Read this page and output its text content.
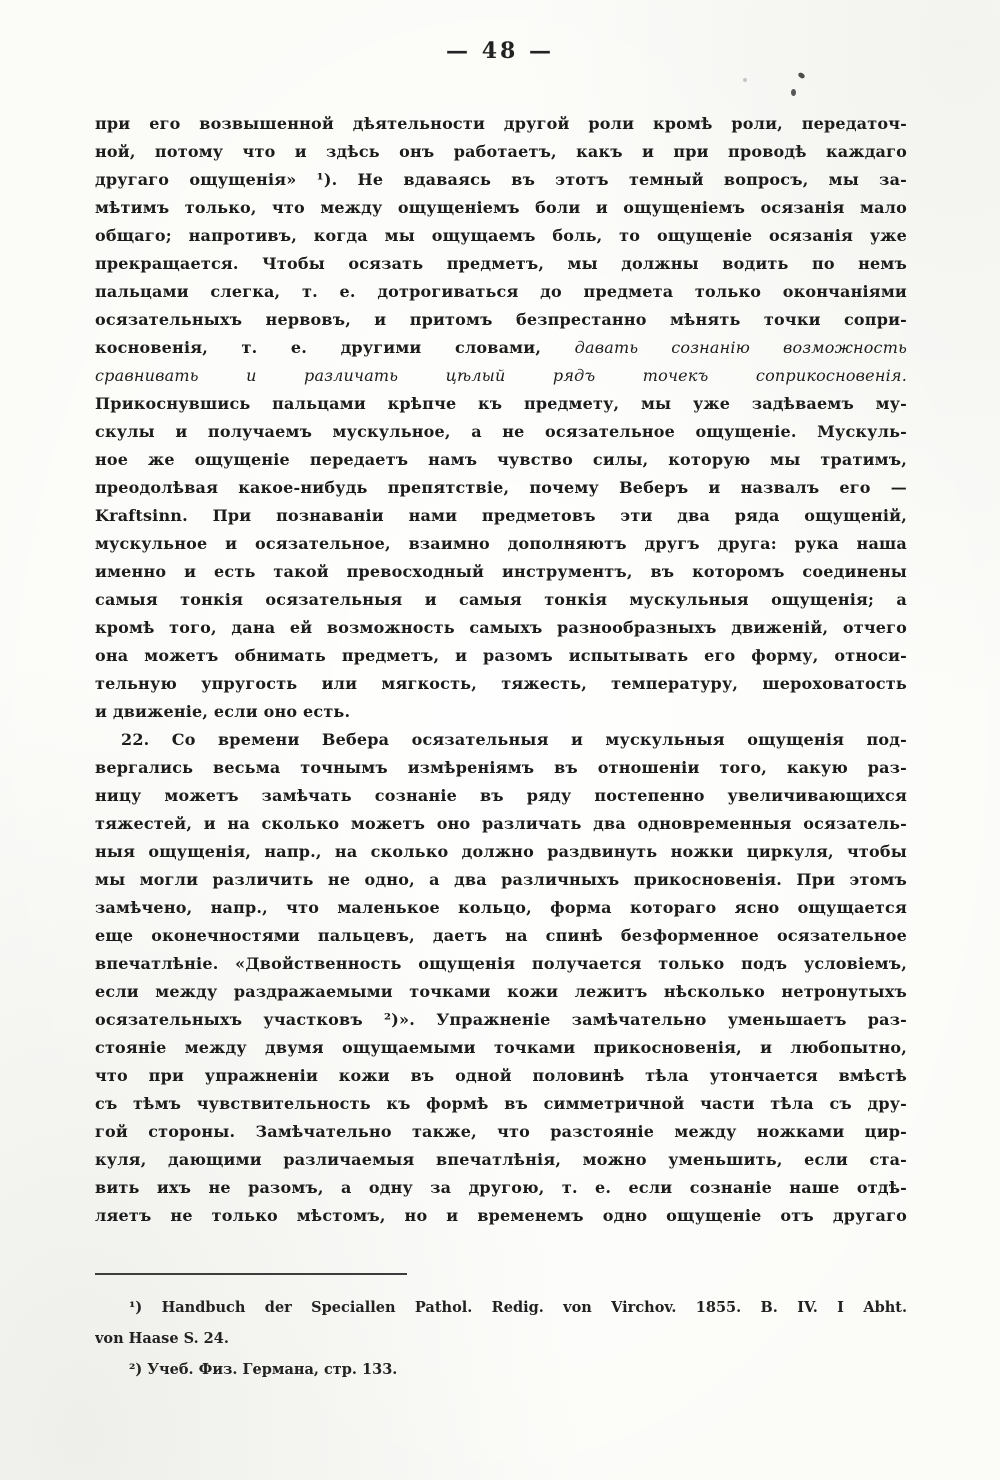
— 48 —
при его возвышенной дѣятельности другой роли кромѣ роли, передаточ-
ной, потому что и здѣсь онъ работаетъ, какъ и при проводѣ каждаго
другаго ощущенія» ¹). Не вдаваясь въ этотъ темный вопросъ, мы за-
мѣтимъ только, что между ощущеніемъ боли и ощущеніемъ осязанія мало
общаго; напротивъ, когда мы ощущаемъ боль, то ощущеніе осязанія уже
прекращается. Чтобы осязать предметъ, мы должны водить по немъ
пальцами слегка, т. е. дотрогиваться до предмета только окончаніями
осязательныхъ нервовъ, и притомъ безпрестанно мѣнять точки сопри-
косновенія, т. е. другими словами, давать сознанію возможность
сравнивать и различать цѣлый рядъ точекъ соприкосновенія.
Прикоснувшись пальцами крѣпче къ предмету, мы уже задѣваемъ му-
скулы и получаемъ мускульное, а не осязательное ощущеніе. Мускуль-
ное же ощущеніе передаетъ намъ чувство силы, которую мы тратимъ,
преодолѣвая какое-нибудь препятствіе, почему Веберъ и назвалъ его —
Kraftsinn. При познаваніи нами предметовъ эти два ряда ощущеній,
мускульное и осязательное, взаимно дополняютъ другъ друга: рука наша
именно и есть такой превосходный инструментъ, въ которомъ соединены
самыя тонкія осязательныя и самыя тонкія мускульныя ощущенія; а
кромѣ того, дана ей возможность самыхъ разнообразныхъ движеній, отчего
она можетъ обнимать предметъ, и разомъ испытывать его форму, относи-
тельную упругость или мягкость, тяжесть, температуру, шероховатость
и движеніе, если оно есть.
22. Со времени Вебера осязательныя и мускульныя ощущенія под-
вергались весьма точнымъ измѣреніямъ въ отношеніи того, какую раз-
ницу можетъ замѣчать сознаніе въ ряду постепенно увеличивающихся
тяжестей, и на сколько можетъ оно различать два одновременныя осязатель-
ныя ощущенія, напр., на сколько должно раздвинуть ножки циркуля, чтобы
мы могли различить не одно, а два различныхъ прикосновенія. При этомъ
замѣчено, напр., что маленькое кольцо, форма котораго ясно ощущается
еще оконечностями пальцевъ, даетъ на спинѣ безформенное осязательное
впечатлѣніе. «Двойственность ощущенія получается только подъ условіемъ,
если между раздражаемыми точками кожи лежитъ нѣсколько нетронутыхъ
осязательныхъ участковъ ²)». Упражненіе замѣчательно уменьшаетъ раз-
стояніе между двумя ощущаемыми точками прикосновенія, и любопытно,
что при упражненіи кожи въ одной половинѣ тѣла утончается вмѣстѣ
съ тѣмъ чувствительность къ формѣ въ симметричной части тѣла съ дру-
гой стороны. Замѣчательно также, что разстояніе между ножками цир-
куля, дающими различаемыя впечатлѣнія, можно уменьшить, если ста-
вить ихъ не разомъ, а одну за другою, т. е. если сознаніе наше отдѣ-
ляетъ не только мѣстомъ, но и временемъ одно ощущеніе отъ другаго
¹) Handbuch der Speciallen Pathol. Redig. von Virchov. 1855. B. IV. I Abht.
von Haase S. 24.
²) Учеб. Физ. Германа, стр. 133.
